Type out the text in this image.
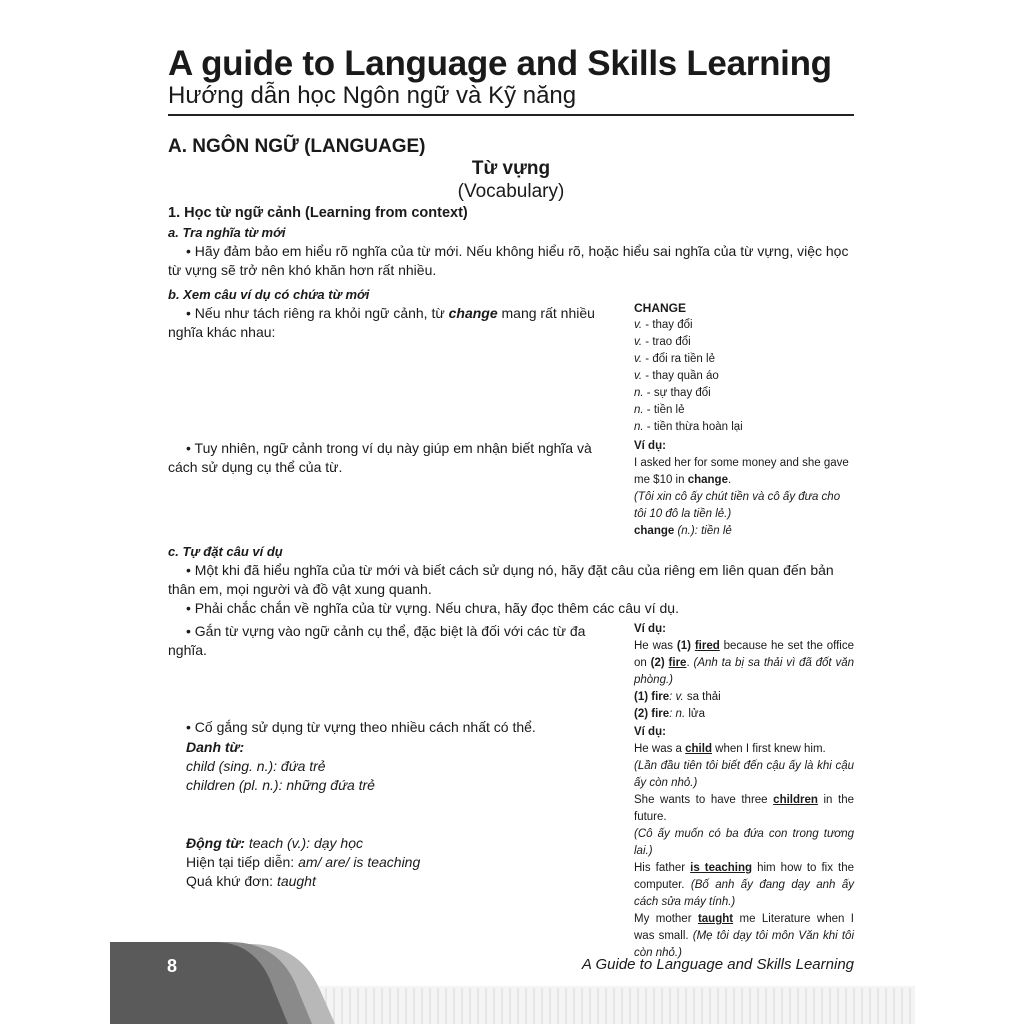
A guide to Language and Skills Learning
Hướng dẫn học Ngôn ngữ và Kỹ năng
A. NGÔN NGỮ (LANGUAGE)
Từ vựng
(Vocabulary)
1. Học từ ngữ cảnh (Learning from context)
a. Tra nghĩa từ mới
• Hãy đảm bảo em hiểu rõ nghĩa của từ mới. Nếu không hiểu rõ, hoặc hiểu sai nghĩa của từ vựng, việc học
từ vựng sẽ trở nên khó khăn hơn rất nhiều.
b. Xem câu ví dụ có chứa từ mới
• Nếu như tách riêng ra khỏi ngữ cảnh, từ change mang rất nhiều
nghĩa khác nhau:
• Tuy nhiên, ngữ cảnh trong ví dụ này giúp em nhận biết nghĩa và
cách sử dụng cụ thể của từ.
CHANGE
v. - thay đổi
v. - trao đổi
v. - đổi ra tiền lẻ
v. - thay quần áo
n. - sự thay đổi
n. - tiền lẻ
n. - tiền thừa hoàn lại
Ví dụ:
I asked her for some money and she gave me $10 in change.
(Tôi xin cô ấy chút tiền và cô ấy đưa cho tôi 10 đô la tiền lẻ.)
change (n.): tiền lẻ
c. Tự đặt câu ví dụ
• Một khi đã hiểu nghĩa của từ mới và biết cách sử dụng nó, hãy đặt câu của riêng em liên quan đến bản
thân em, mọi người và đồ vật xung quanh.
• Phải chắc chắn về nghĩa của từ vựng. Nếu chưa, hãy đọc thêm các câu ví dụ.
• Gắn từ vựng vào ngữ cảnh cụ thể, đặc biệt là đối với các từ đa
nghĩa.
• Cố gắng sử dụng từ vựng theo nhiều cách nhất có thể.
Danh từ:
child (sing. n.): đứa trẻ
children (pl. n.): những đứa trẻ
Động từ: teach (v.): dạy học
Hiện tại tiếp diễn: am/ are/ is teaching
Quá khứ đơn: taught
Ví dụ:
He was (1) fired because he set the office on (2) fire. (Anh ta bị sa thải vì đã đốt văn phòng.)
(1) fire: v. sa thải
(2) fire: n. lửa
Ví dụ:
He was a child when I first knew him.
(Lần đầu tiên tôi biết đến cậu ấy là khi cậu ấy còn nhỏ.)
She wants to have three children in the future.
(Cô ấy muốn có ba đứa con trong tương lai.)
His father is teaching him how to fix the computer. (Bố anh ấy đang dạy anh ấy cách sửa máy tính.)
My mother taught me Literature when I was small. (Mẹ tôi dạy tôi môn Văn khi tôi còn nhỏ.)
8	A Guide to Language and Skills Learning
